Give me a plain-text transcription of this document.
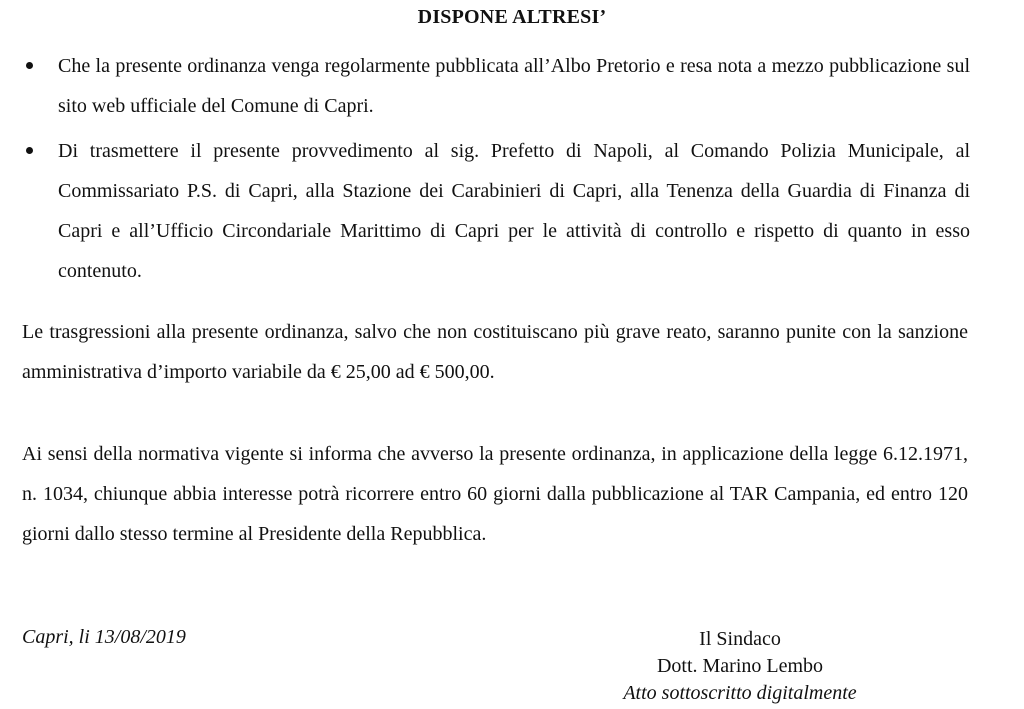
DISPONE ALTRESI’
Che la presente ordinanza venga regolarmente pubblicata all’Albo Pretorio e resa nota a mezzo pubblicazione sul sito web ufficiale del Comune di Capri.
Di trasmettere il presente provvedimento al sig. Prefetto di Napoli, al Comando Polizia Municipale, al Commissariato P.S. di Capri, alla Stazione dei Carabinieri di Capri, alla Tenenza della Guardia di Finanza di Capri e all’Ufficio Circondariale Marittimo di Capri per le attività di controllo e rispetto di quanto in esso contenuto.

Le trasgressioni alla presente ordinanza, salvo che non costituiscano più grave reato, saranno punite con la sanzione amministrativa d’importo variabile da € 25,00 ad € 500,00.

Ai sensi della normativa vigente si informa che avverso la presente ordinanza, in applicazione della legge 6.12.1971, n. 1034, chiunque abbia interesse potrà ricorrere entro 60 giorni dalla pubblicazione al TAR Campania, ed entro 120 giorni dallo stesso termine al Presidente della Repubblica.

Capri, li 13/08/2019	Il Sindaco
Dott. Marino Lembo
Atto sottoscritto digitalmente
